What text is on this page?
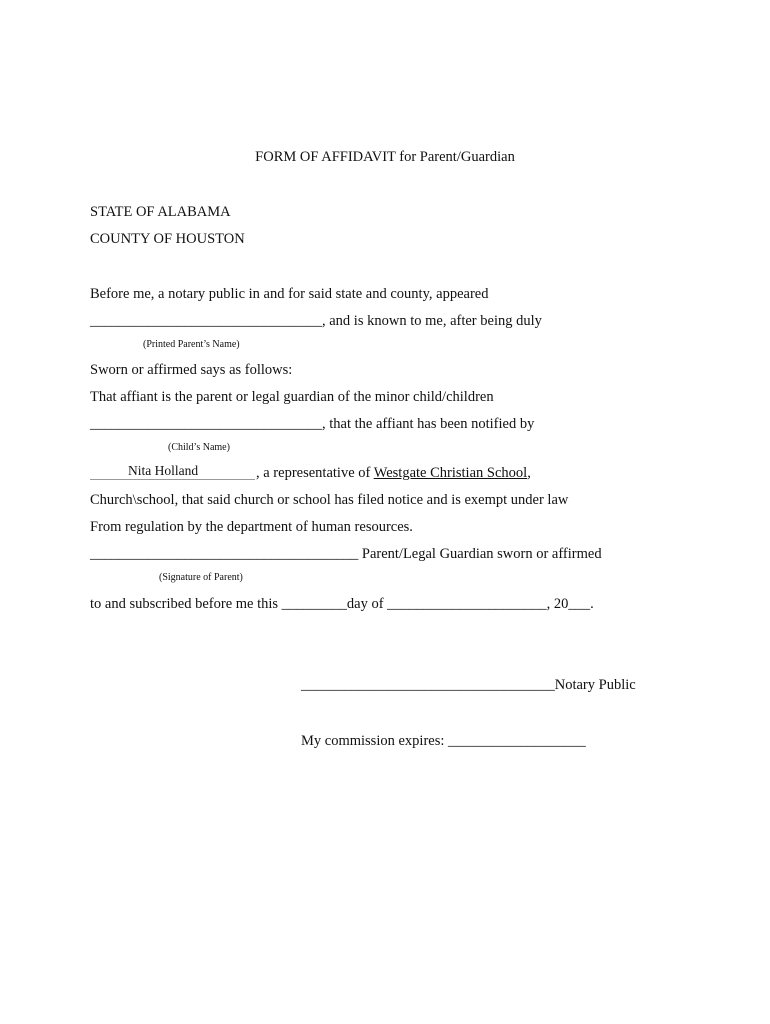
FORM OF AFFIDAVIT for Parent/Guardian
STATE OF ALABAMA
COUNTY OF HOUSTON
Before me, a notary public in and for said state and county, appeared
________________________________, and is known to me, after being duly
(Printed Parent’s Name)
Sworn or affirmed says as follows:
That affiant is the parent or legal guardian of the minor child/children
________________________________, that the affiant has been notified by
(Child’s Name)
Nita Holland	, a representative of Westgate Christian School,
Church\school, that said church or school has filed notice and is exempt under law
From regulation by the department of human resources.
_____________________________________ Parent/Legal Guardian sworn or affirmed
(Signature of Parent)
to and subscribed before me this _________day of ______________________, 20___.
___________________________________Notary Public
My commission expires: ___________________
